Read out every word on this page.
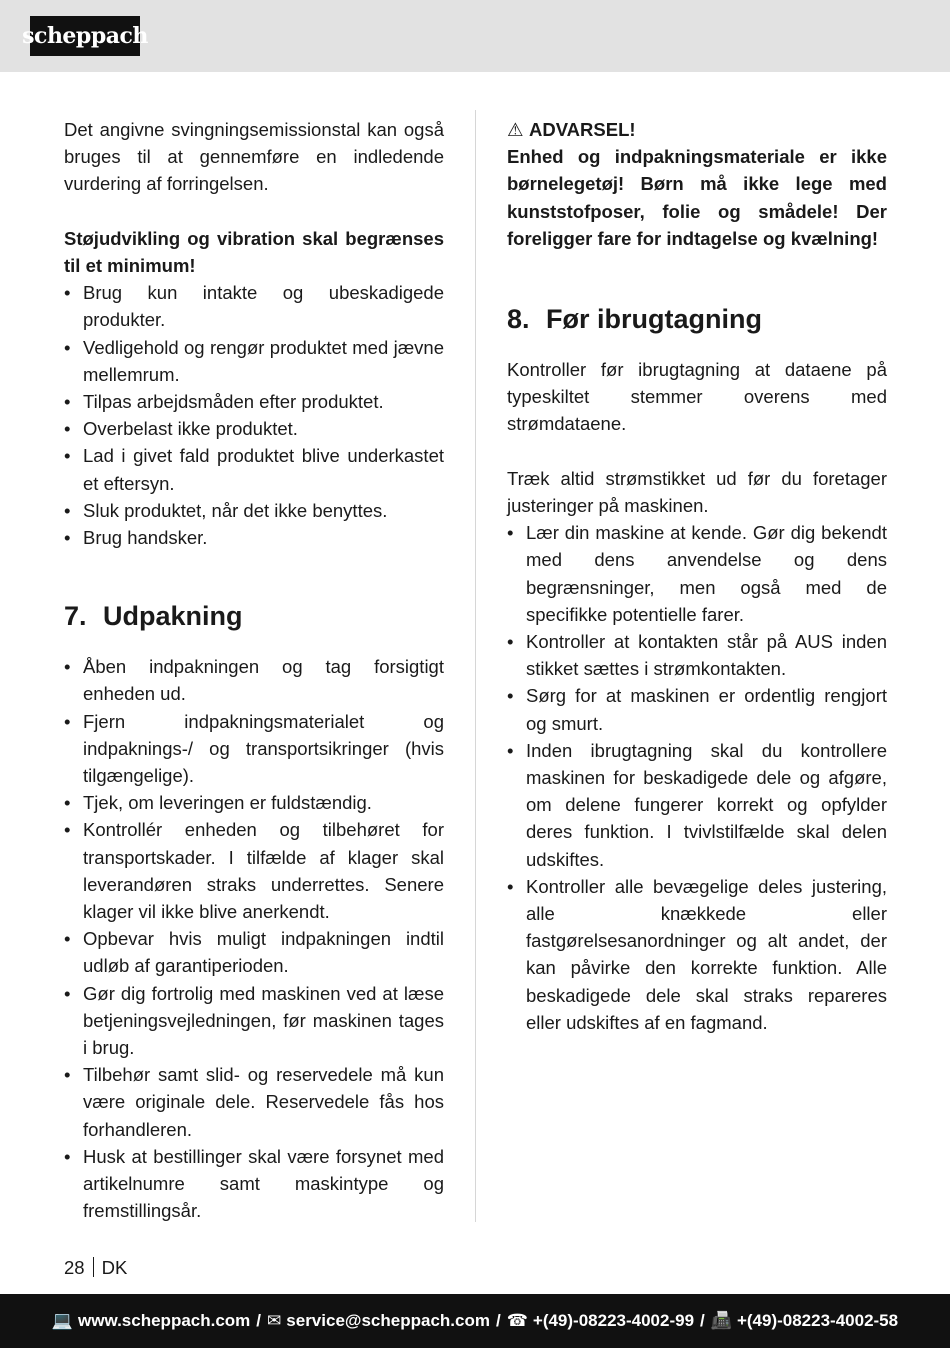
scheppach

Det angivne svingningsemissionstal kan også bruges til at gennemføre en indledende vurdering af forringelsen.

Støjudvikling og vibration skal begrænses til et minimum!

• Brug kun intakte og ubeskadigede produkter.
• Vedligehold og rengør produktet med jævne mellemrum.
• Tilpas arbejdsmåden efter produktet.
• Overbelast ikke produktet.
• Lad i givet fald produktet blive underkastet et eftersyn.
• Sluk produktet, når det ikke benyttes.
• Brug handsker.
7. Udpakning
• Åben indpakningen og tag forsigtigt enheden ud.
• Fjern indpakningsmaterialet og indpaknings-/ og transportsikringer (hvis tilgængelige).
• Tjek, om leveringen er fuldstændig.
• Kontrollér enheden og tilbehøret for transportskader. I tilfælde af klager skal leverandøren straks underrettes. Senere klager vil ikke blive anerkendt.
• Opbevar hvis muligt indpakningen indtil udløb af garantiperioden.
• Gør dig fortrolig med maskinen ved at læse betjeningsvejledningen, før maskinen tages i brug.
• Tilbehør samt slid- og reservedele må kun være originale dele. Reservedele fås hos forhandleren.
• Husk at bestillinger skal være forsynet med artikelnumre samt maskintype og fremstillingsår.

⚠ ADVARSEL!

Enhed og indpakningsmateriale er ikke børnelegetøj! Børn må ikke lege med kunststofposer, folie og smådele! Der foreligger fare for indtagelse og kvælning!

8. Før ibrugtagning

Kontroller før ibrugtagning at dataene på typeskiltet stemmer overens med strømdataene.

Træk altid strømstikket ud før du foretager justeringer på maskinen.

• Lær din maskine at kende. Gør dig bekendt med dens anvendelse og dens begrænsninger, men også med de specifikke potentielle farer.
• Kontroller at kontakten står på AUS inden stikket sættes i strømkontakten.
• Sørg for at maskinen er ordentlig rengjort og smurt.
• Inden ibrugtagning skal du kontrollere maskinen for beskadigede dele og afgøre, om delene fungerer korrekt og opfylder deres funktion. I tvivlstilfælde skal delen udskiftes.
• Kontroller alle bevægelige deles justering, alle knækkede eller fastgørelsesanordninger og alt andet, der kan påvirke den korrekte funktion. Alle beskadigede dele skal straks repareres eller udskiftes af en fagmand.
28 DK
💻 www.scheppach.com / ✉ service@scheppach.com / ☎ +(49)-08223-4002-99 / 📠 +(49)-08223-4002-58
